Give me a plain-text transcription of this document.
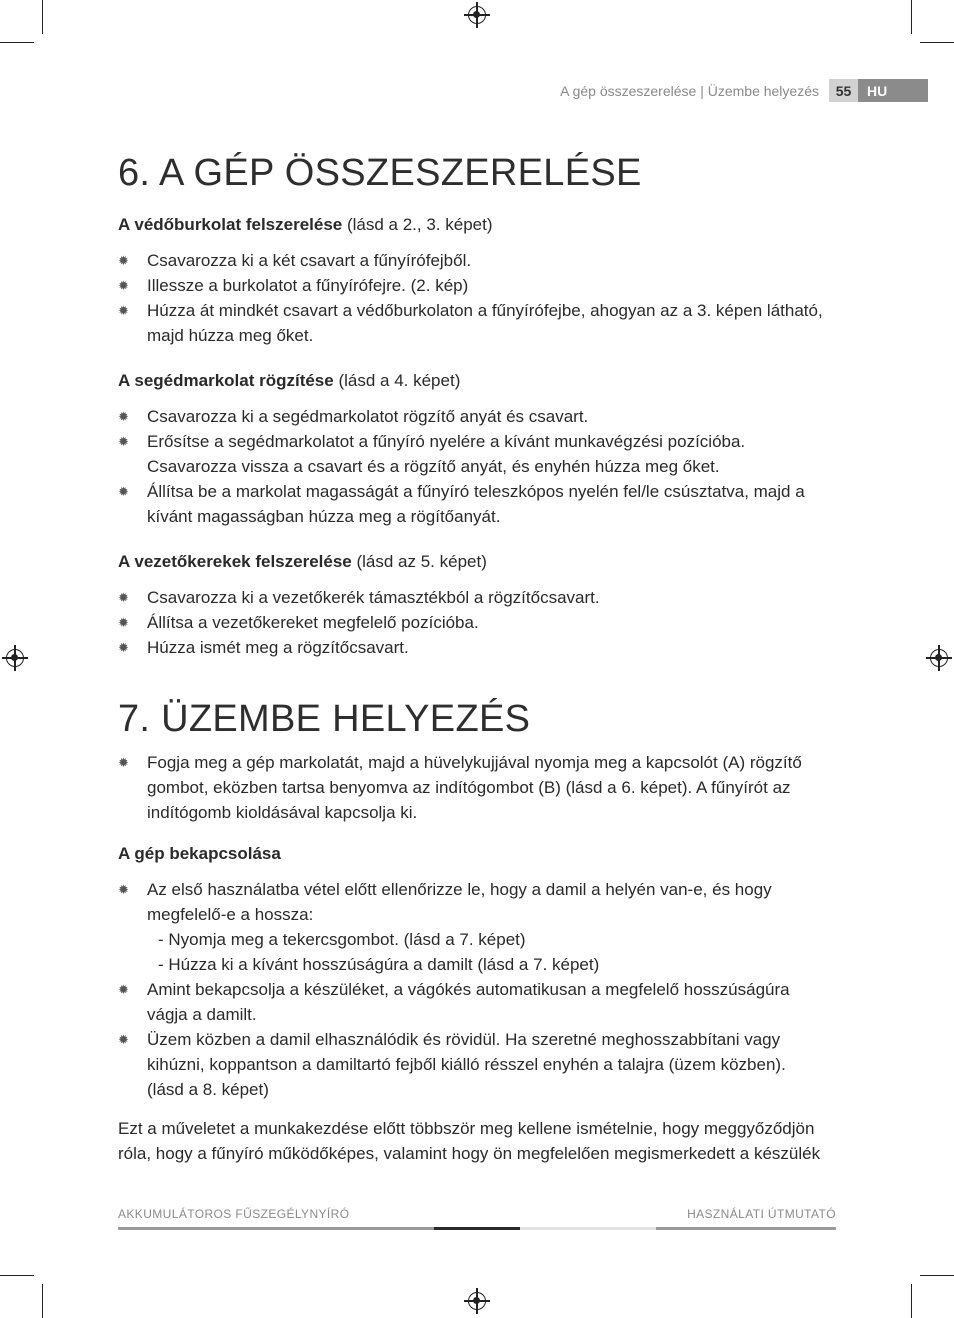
A gép összeszerelése | Üzembe helyezés	55	HU
6. A GÉP ÖSSZESZERELÉSE

A védőburkolat felszerelése (lásd a 2., 3. képet)

✹ Csavarozza ki a két csavart a fűnyírófejből.
✹ Illessze a burkolatot a fűnyírófejre. (2. kép)
✹ Húzza át mindkét csavart a védőburkolaton a fűnyírófejbe, ahogyan az a 3. képen látható, majd húzza meg őket.

A segédmarkolat rögzítése (lásd a 4. képet)

✹ Csavarozza ki a segédmarkolatot rögzítő anyát és csavart.
✹ Erősítse a segédmarkolatot a fűnyíró nyelére a kívánt munkavégzési pozícióba. Csavarozza vissza a csavart és a rögzítő anyát, és enyhén húzza meg őket.
✹ Állítsa be a markolat magasságát a fűnyíró teleszkópos nyelén fel/le csúsztatva, majd a kívánt magasságban húzza meg a rögítőanyát.

A vezetőkerekek felszerelése (lásd az 5. képet)

✹ Csavarozza ki a vezetőkerék támasztékból a rögzítőcsavart.
✹ Állítsa a vezetőkereket megfelelő pozícióba.
✹ Húzza ismét meg a rögzítőcsavart.
7. ÜZEMBE HELYEZÉS
✹ Fogja meg a gép markolatát, majd a hüvelykujjával nyomja meg a kapcsolót (A) rögzítő gombot, eközben tartsa benyomva az indítógombot (B) (lásd a 6. képet). A fűnyírót az indítógomb kioldásával kapcsolja ki.

A gép bekapcsolása

✹ Az első használatba vétel előtt ellenőrizze le, hogy a damil a helyén van-e, és hogy megfelelő-e a hossza:
- Nyomja meg a tekercsgombot. (lásd a 7. képet)
- Húzza ki a kívánt hosszúságúra a damilt (lásd a 7. képet)
✹ Amint bekapcsolja a készüléket, a vágókés automatikusan a megfelelő hosszúságúra vágja a damilt.
✹ Üzem közben a damil elhasználódik és rövidül. Ha szeretné meghosszabbítani vagy kihúzni, koppantson a damiltartó fejből kiálló résszel enyhén a talajra (üzem közben).
(lásd a 8. képet)
Ezt a műveletet a munkakezdése előtt többször meg kellene ismételnie, hogy meggyőződjön róla, hogy a fűnyíró működőképes, valamint hogy ön megfelelően megismerkedett a készülék
AKKUMULÁTOROS FŰSZEGÉLYNYÍRÓ	HASZNÁLATI ÚTMUTATÓ
